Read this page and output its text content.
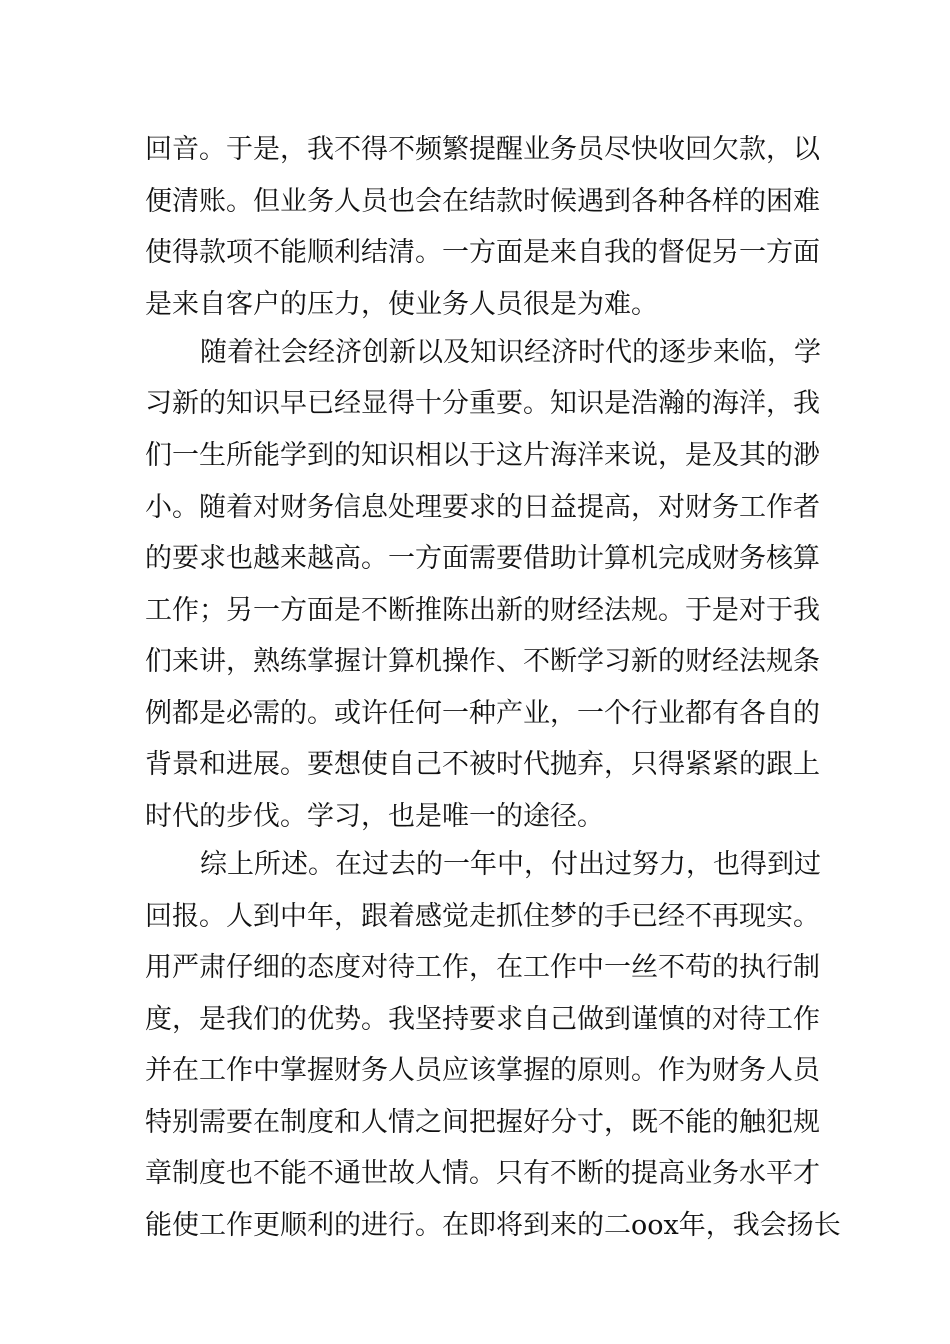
回音。于是，我不得不频繁提醒业务员尽快收回欠款，以
便清账。但业务人员也会在结款时候遇到各种各样的困难
使得款项不能顺利结清。一方面是来自我的督促另一方面
是来自客户的压力，使业务人员很是为难。
随着社会经济创新以及知识经济时代的逐步来临，学
习新的知识早已经显得十分重要。知识是浩瀚的海洋，我
们一生所能学到的知识相以于这片海洋来说，是及其的渺
小。随着对财务信息处理要求的日益提高，对财务工作者
的要求也越来越高。一方面需要借助计算机完成财务核算
工作；另一方面是不断推陈出新的财经法规。于是对于我
们来讲，熟练掌握计算机操作、不断学习新的财经法规条
例都是必需的。或许任何一种产业，一个行业都有各自的
背景和进展。要想使自己不被时代抛弃，只得紧紧的跟上
时代的步伐。学习，也是唯一的途径。
综上所述。在过去的一年中，付出过努力，也得到过
回报。人到中年，跟着感觉走抓住梦的手已经不再现实。
用严肃仔细的态度对待工作，在工作中一丝不苟的执行制
度，是我们的优势。我坚持要求自己做到谨慎的对待工作
并在工作中掌握财务人员应该掌握的原则。作为财务人员
特别需要在制度和人情之间把握好分寸，既不能的触犯规
章制度也不能不通世故人情。只有不断的提高业务水平才
能使工作更顺利的进行。在即将到来的二oox年，我会扬长
